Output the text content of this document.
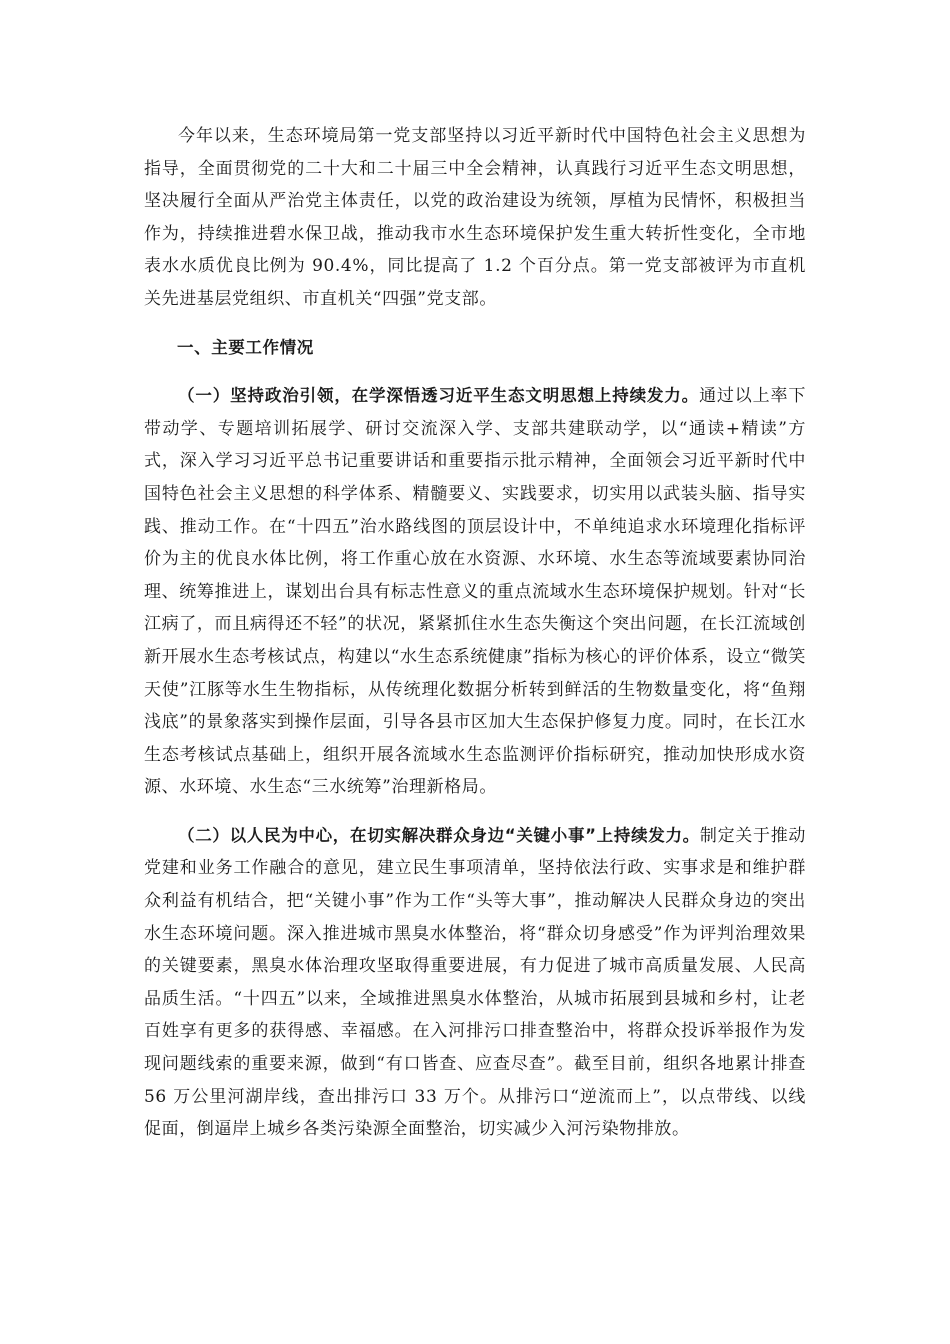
今年以来，生态环境局第一党支部坚持以习近平新时代中国特色社会主义思想为指导，全面贯彻党的二十大和二十届三中全会精神，认真践行习近平生态文明思想，坚决履行全面从严治党主体责任，以党的政治建设为统领，厚植为民情怀，积极担当作为，持续推进碧水保卫战，推动我市水生态环境保护发生重大转折性变化，全市地表水水质优良比例为 90.4%，同比提高了 1.2 个百分点。第一党支部被评为市直机关先进基层党组织、市直机关“四强”党支部。

一、主要工作情况

（一）坚持政治引领，在学深悟透习近平生态文明思想上持续发力。通过以上率下带动学、专题培训拓展学、研讨交流深入学、支部共建联动学，以“通读+精读”方式，深入学习习近平总书记重要讲话和重要指示批示精神，全面领会习近平新时代中国特色社会主义思想的科学体系、精髓要义、实践要求，切实用以武装头脑、指导实践、推动工作。在“十四五”治水路线图的顶层设计中，不单纯追求水环境理化指标评价为主的优良水体比例，将工作重心放在水资源、水环境、水生态等流域要素协同治理、统筹推进上，谋划出台具有标志性意义的重点流域水生态环境保护规划。针对“长江病了，而且病得还不轻”的状况，紧紧抓住水生态失衡这个突出问题，在长江流域创新开展水生态考核试点，构建以“水生态系统健康”指标为核心的评价体系，设立“微笑天使”江豚等水生生物指标，从传统理化数据分析转到鲜活的生物数量变化，将“鱼翔浅底”的景象落实到操作层面，引导各县市区加大生态保护修复力度。同时，在长江水生态考核试点基础上，组织开展各流域水生态监测评价指标研究，推动加快形成水资源、水环境、水生态“三水统筹”治理新格局。

（二）以人民为中心，在切实解决群众身边“关键小事”上持续发力。制定关于推动党建和业务工作融合的意见，建立民生事项清单，坚持依法行政、实事求是和维护群众利益有机结合，把“关键小事”作为工作“头等大事”，推动解决人民群众身边的突出水生态环境问题。深入推进城市黑臭水体整治，将“群众切身感受”作为评判治理效果的关键要素，黑臭水体治理攻坚取得重要进展，有力促进了城市高质量发展、人民高品质生活。“十四五”以来，全域推进黑臭水体整治，从城市拓展到县城和乡村，让老百姓享有更多的获得感、幸福感。在入河排污口排查整治中，将群众投诉举报作为发现问题线索的重要来源，做到“有口皆查、应查尽查”。截至目前，组织各地累计排查 56 万公里河湖岸线，查出排污口 33 万个。从排污口“逆流而上”，以点带线、以线促面，倒逼岸上城乡各类污染源全面整治，切实减少入河污染物排放。
